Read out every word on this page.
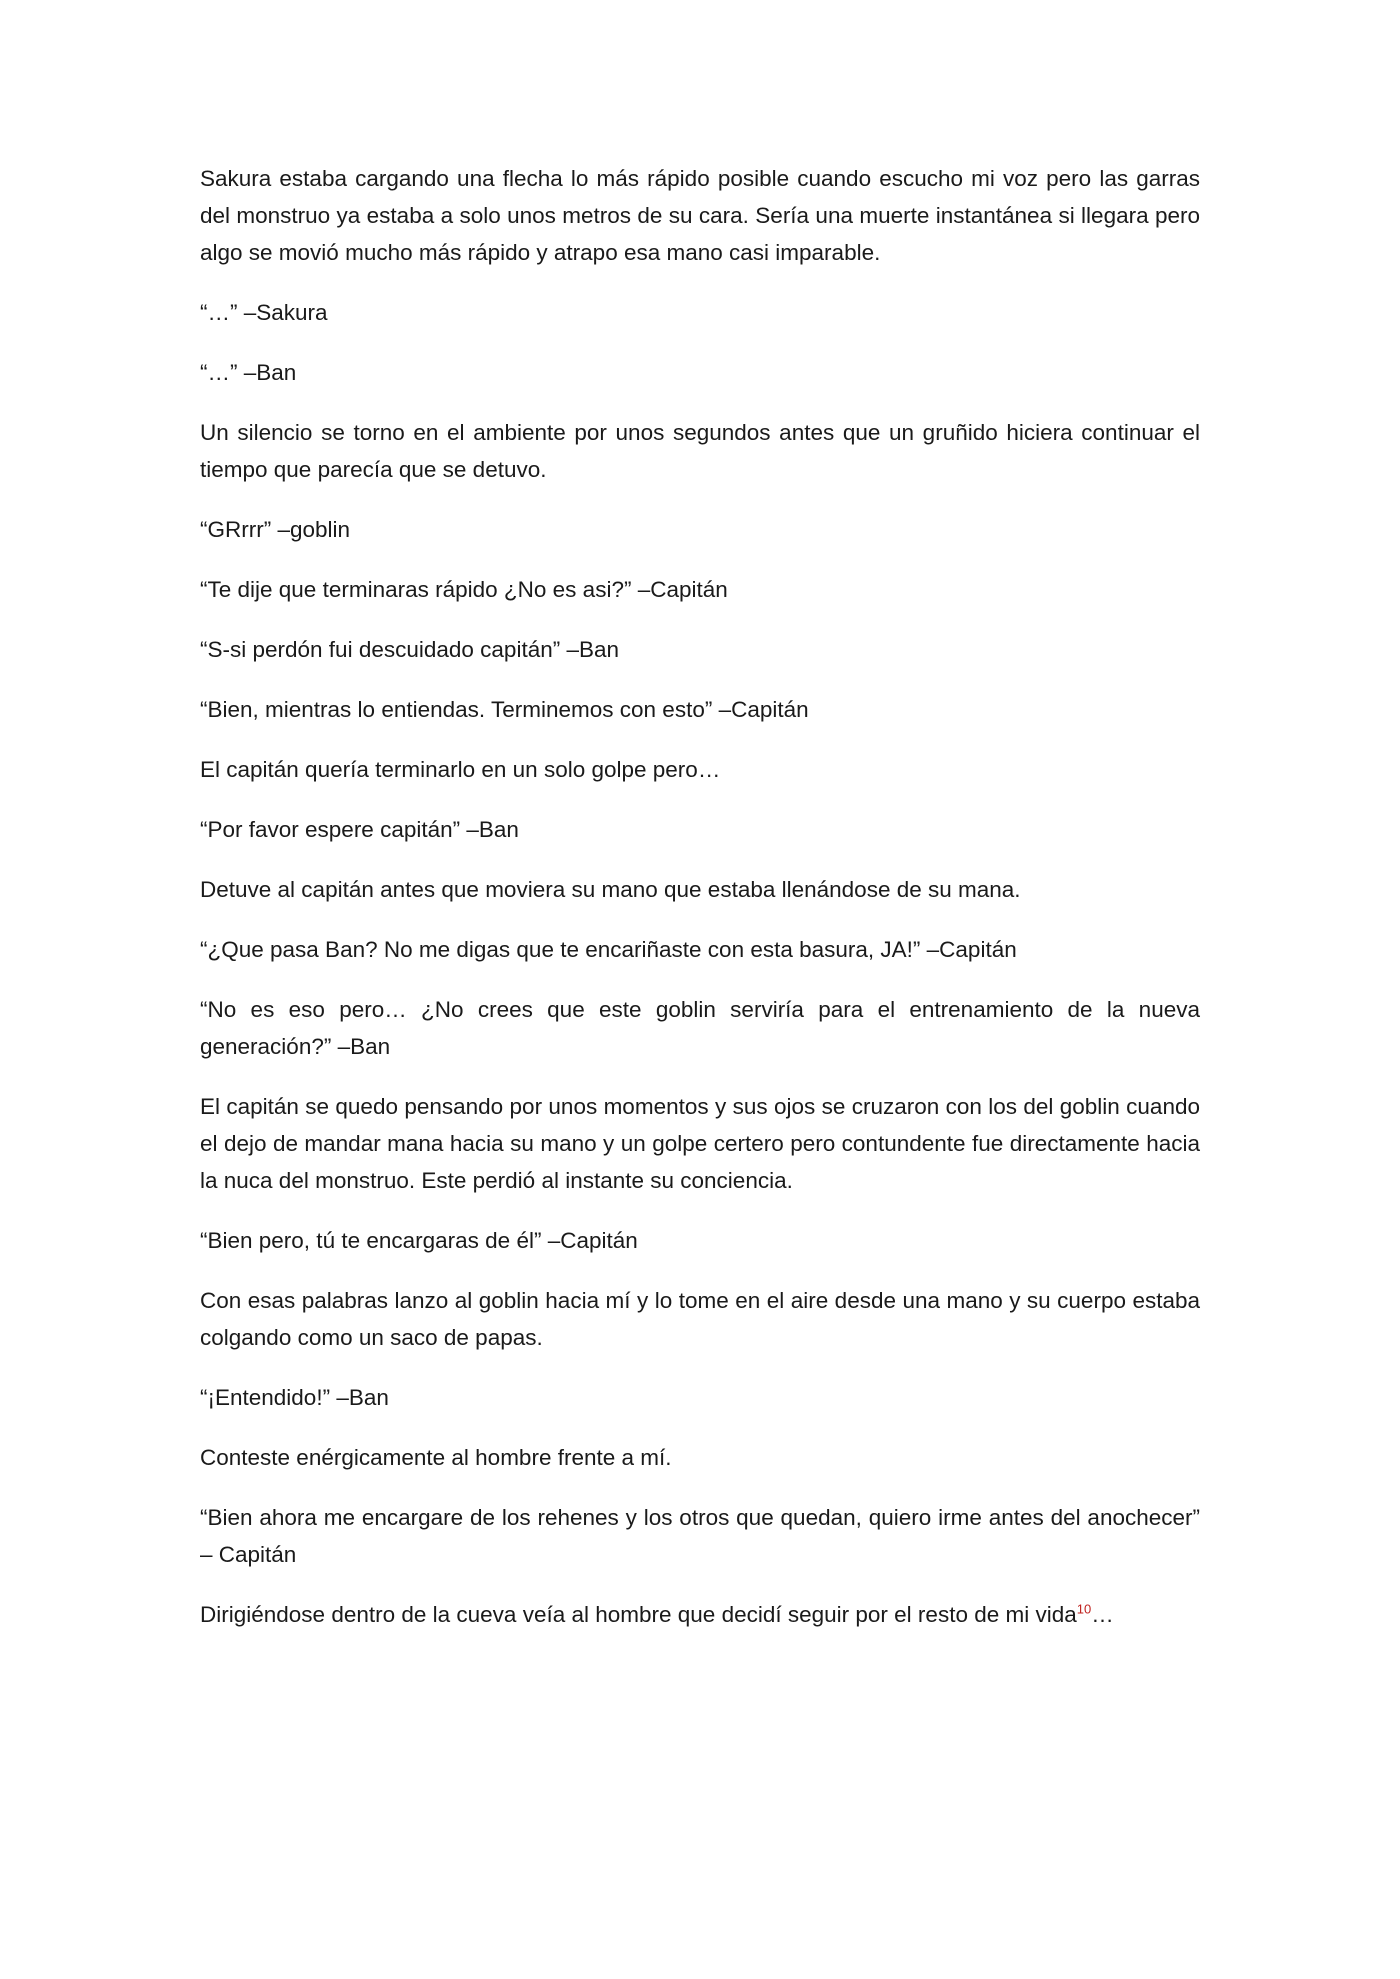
Sakura estaba cargando una flecha lo más rápido posible cuando escucho mi voz pero las garras del monstruo ya estaba a solo unos metros de su cara. Sería una muerte instantánea si llegara pero algo se movió mucho más rápido y atrapo esa mano casi imparable.

“…” –Sakura

“…” –Ban

Un silencio se torno en el ambiente por unos segundos antes que un gruñido hiciera continuar el tiempo que parecía que se detuvo.

“GRrrr” –goblin

“Te dije que terminaras rápido ¿No es asi?” –Capitán

“S-si perdón fui descuidado capitán” –Ban

“Bien, mientras lo entiendas. Terminemos con esto” –Capitán

El capitán quería terminarlo en un solo golpe pero…

“Por favor espere capitán” –Ban

Detuve al capitán antes que moviera su mano que estaba llenándose de su mana.

“¿Que pasa Ban? No me digas que te encariñaste con esta basura, JA!” –Capitán

“No es eso pero… ¿No crees que este goblin serviría para el entrenamiento de la nueva generación?” –Ban

El capitán se quedo pensando por unos momentos y sus ojos se cruzaron con los del goblin cuando el dejo de mandar mana hacia su mano y un golpe certero pero contundente fue directamente hacia la nuca del monstruo. Este perdió al instante su conciencia.

“Bien pero, tú te encargaras de él” –Capitán

Con esas palabras lanzo al goblin hacia mí y lo tome en el aire desde una mano y su cuerpo estaba colgando como un saco de papas.

“¡Entendido!” –Ban

Conteste enérgicamente al hombre frente a mí.

“Bien ahora me encargare de los rehenes y los otros que quedan, quiero irme antes del anochecer” – Capitán

Dirigiéndose dentro de la cueva veía al hombre que decidí seguir por el resto de mi vida$^{10}$…
